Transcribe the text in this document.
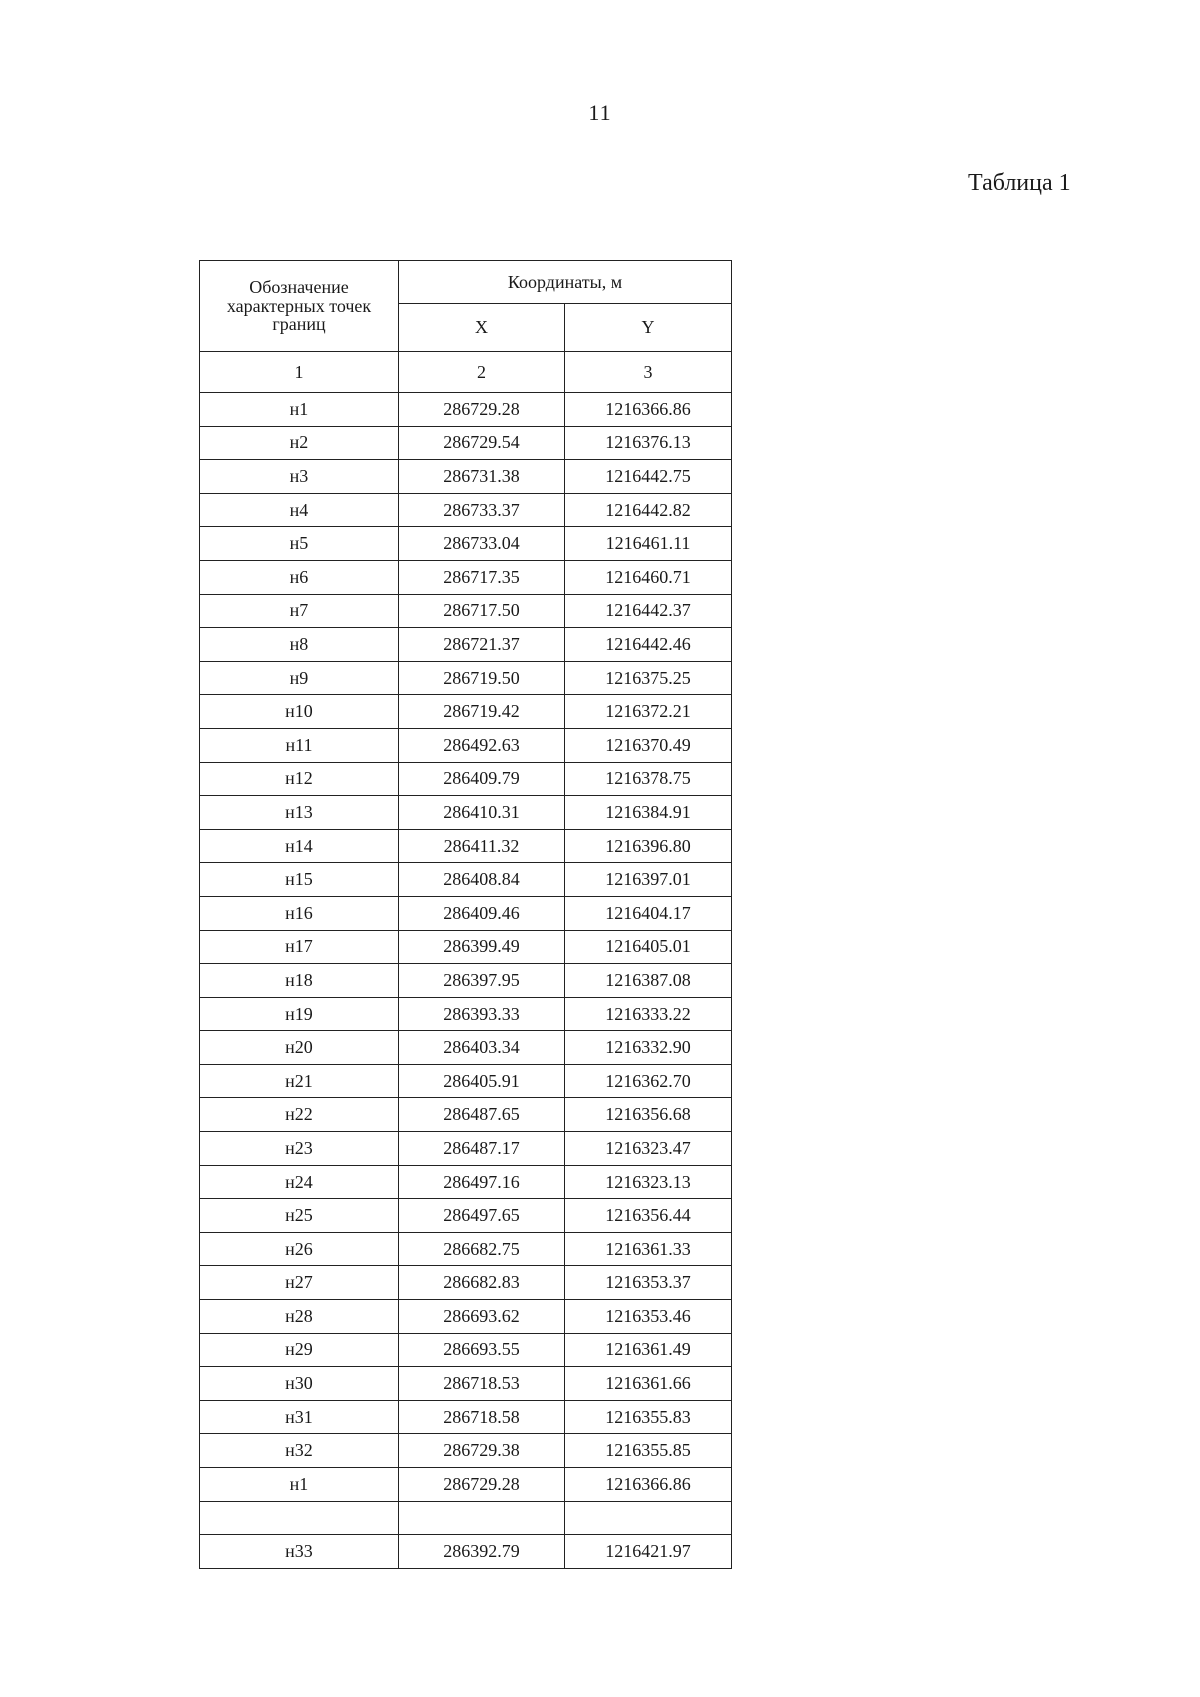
11
Таблица 1
Обозначение характерных точек границ	Координаты, м	
	X	Y
1	2	3
н1	286729.28	1216366.86
н2	286729.54	1216376.13
н3	286731.38	1216442.75
н4	286733.37	1216442.82
н5	286733.04	1216461.11
н6	286717.35	1216460.71
н7	286717.50	1216442.37
н8	286721.37	1216442.46
н9	286719.50	1216375.25
н10	286719.42	1216372.21
н11	286492.63	1216370.49
н12	286409.79	1216378.75
н13	286410.31	1216384.91
н14	286411.32	1216396.80
н15	286408.84	1216397.01
н16	286409.46	1216404.17
н17	286399.49	1216405.01
н18	286397.95	1216387.08
н19	286393.33	1216333.22
н20	286403.34	1216332.90
н21	286405.91	1216362.70
н22	286487.65	1216356.68
н23	286487.17	1216323.47
н24	286497.16	1216323.13
н25	286497.65	1216356.44
н26	286682.75	1216361.33
н27	286682.83	1216353.37
н28	286693.62	1216353.46
н29	286693.55	1216361.49
н30	286718.53	1216361.66
н31	286718.58	1216355.83
н32	286729.38	1216355.85
н1	286729.28	1216366.86

н33	286392.79	1216421.97
